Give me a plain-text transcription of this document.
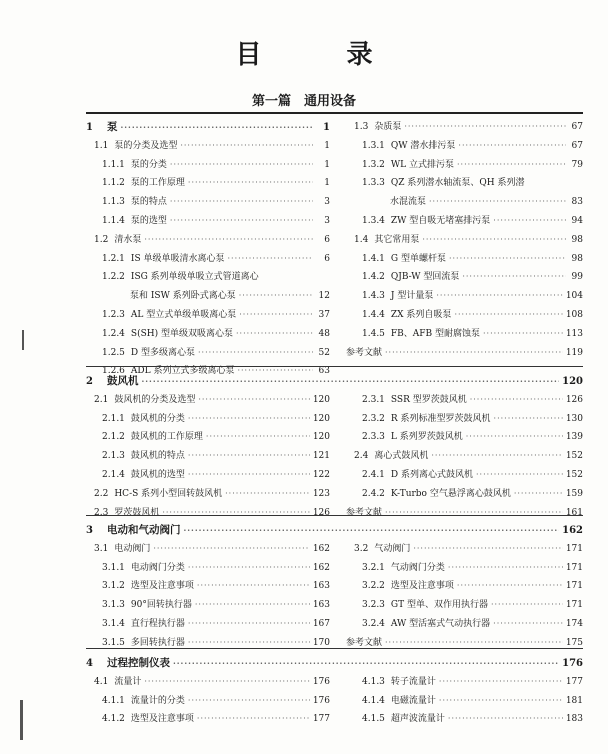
目 录
第一篇　通用设备
1 泵 ·····	1
1.1 泵的分类及选型 ·····	1
1.1.1 泵的分类 ·····	1
1.1.2 泵的工作原理 ·····	1
1.1.3 泵的特点 ·····	3
1.1.4 泵的选型 ·····	3
1.2 清水泵 ·····	6
1.2.1 IS 单级单吸清水离心泵 ·····	6
1.2.2 ISG 系列单级单吸立式管道离心
泵和 ISW 系列卧式离心泵 ·····	12
1.2.3 AL 型立式单级单吸离心泵 ·····	37
1.2.4 S(SH) 型单级双吸离心泵 ·····	48
1.2.5 D 型多级离心泵 ·····	52
1.2.6 ADL 系列立式多级离心泵 ·····	63
1.3 杂质泵 ·····	67
1.3.1 QW 潜水排污泵 ·····	67
1.3.2 WL 立式排污泵 ·····	79
1.3.3 QZ 系列潜水轴流泵、QH 系列潜
水混流泵 ·····	83
1.3.4 ZW 型自吸无堵塞排污泵 ·····	94
1.4 其它常用泵 ·····	98
1.4.1 G 型单螺杆泵 ·····	98
1.4.2 QJB-W 型回流泵 ·····	99
1.4.3 J 型计量泵 ·····	104
1.4.4 ZX 系列自吸泵 ·····	108
1.4.5 FB、AFB 型耐腐蚀泵 ·····	113
参考文献 ·····	119
2 鼓风机 ·····	120
2.1 鼓风机的分类及选型 ·····	120
2.1.1 鼓风机的分类 ·····	120
2.1.2 鼓风机的工作原理 ·····	120
2.1.3 鼓风机的特点 ·····	121
2.1.4 鼓风机的选型 ·····	122
2.2 HC-S 系列小型回转鼓风机 ·····	123
2.3 罗茨鼓风机 ·····	126
2.3.1 SSR 型罗茨鼓风机 ·····	126
2.3.2 R 系列标准型罗茨鼓风机 ·····	130
2.3.3 L 系列罗茨鼓风机 ·····	139
2.4 离心式鼓风机 ·····	152
2.4.1 D 系列离心式鼓风机 ·····	152
2.4.2 K-Turbo 空气悬浮离心鼓风机 ·····	159
参考文献 ·····	161
3 电动和气动阀门 ·····	162
3.1 电动阀门 ·····	162
3.1.1 电动阀门分类 ·····	162
3.1.2 选型及注意事项 ·····	163
3.1.3 90°回转执行器 ·····	163
3.1.4 直行程执行器 ·····	167
3.1.5 多回转执行器 ·····	170
3.2 气动阀门 ·····	171
3.2.1 气动阀门分类 ·····	171
3.2.2 选型及注意事项 ·····	171
3.2.3 GT 型单、双作用执行器 ·····	171
3.2.4 AW 型活塞式气动执行器 ·····	174
参考文献 ·····	175
4 过程控制仪表 ·····	176
4.1 流量计 ·····	176
4.1.1 流量计的分类 ·····	176
4.1.2 选型及注意事项 ·····	177
4.1.3 转子流量计 ·····	177
4.1.4 电磁流量计 ·····	181
4.1.5 超声波流量计 ·····	183
